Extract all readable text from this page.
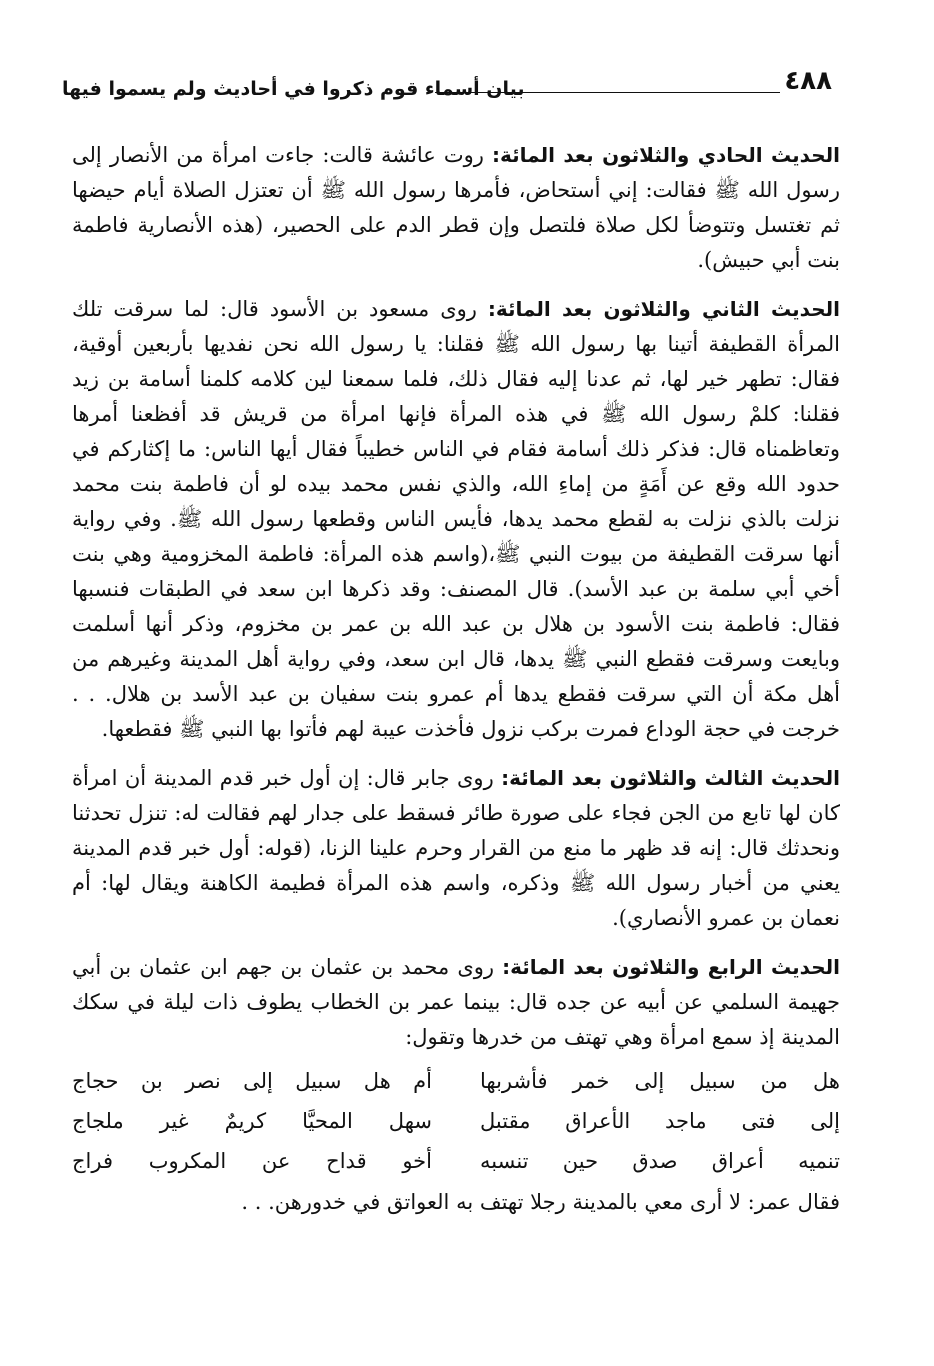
٤٨٨
بيان أسماء قوم ذكروا في أحاديث ولم يسموا فيها

الحديث الحادي والثلاثون بعد المائة: روت عائشة قالت: جاءت امرأة من الأنصار إلى رسول الله ﷺ فقالت: إني أستحاض، فأمرها رسول الله ﷺ أن تعتزل الصلاة أيام حيضها ثم تغتسل وتتوضأ لكل صلاة فلتصل وإن قطر الدم على الحصير، (هذه الأنصارية فاطمة بنت أبي حبيش).

الحديث الثاني والثلاثون بعد المائة: روى مسعود بن الأسود قال: لما سرقت تلك المرأة القطيفة أتينا بها رسول الله ﷺ فقلنا: يا رسول الله نحن نفديها بأربعين أوقية، فقال: تطهر خير لها، ثم عدنا إليه فقال ذلك، فلما سمعنا لين كلامه كلمنا أسامة بن زيد فقلنا: كلمْ رسول الله ﷺ في هذه المرأة فإنها امرأة من قريش قد أفظعنا أمرها وتعاظمناه قال: فذكر ذلك أسامة فقام في الناس خطيباً فقال أيها الناس: ما إكثاركم في حدود الله وقع عن أَمَةٍ من إماءِ الله، والذي نفس محمد بيده لو أن فاطمة بنت محمد نزلت بالذي نزلت به لقطع محمد يدها، فأيس الناس وقطعها رسول الله ﷺ. وفي رواية أنها سرقت القطيفة من بيوت النبي ﷺ،(واسم هذه المرأة: فاطمة المخزومية وهي بنت أخي أبي سلمة بن عبد الأسد). قال المصنف: وقد ذكرها ابن سعد في الطبقات فنسبها فقال: فاطمة بنت الأسود بن هلال بن عبد الله بن عمر بن مخزوم، وذكر أنها أسلمت وبايعت وسرقت فقطع النبي ﷺ يدها، قال ابن سعد، وفي رواية أهل المدينة وغيرهم من أهل مكة أن التي سرقت فقطع يدها أم عمرو بنت سفيان بن عبد الأسد بن هلال. . . خرجت في حجة الوداع فمرت بركب نزول فأخذت عيبة لهم فأتوا بها النبي ﷺ فقطعها.

الحديث الثالث والثلاثون بعد المائة: روى جابر قال: إن أول خبر قدم المدينة أن امرأة كان لها تابع من الجن فجاء على صورة طائر فسقط على جدار لهم فقالت له: تنزل تحدثنا ونحدثك قال: إنه قد ظهر ما منع من القرار وحرم علينا الزنا، (قوله: أول خبر قدم المدينة يعني من أخبار رسول الله ﷺ وذكره، واسم هذه المرأة فطيمة الكاهنة ويقال لها: أم نعمان بن عمرو الأنصاري).

الحديث الرابع والثلاثون بعد المائة: روى محمد بن عثمان بن جهم ابن عثمان بن أبي جهيمة السلمي عن أبيه عن جده قال: بينما عمر بن الخطاب يطوف ذات ليلة في سكك المدينة إذ سمع امرأة وهي تهتف من خدرها وتقول:

هل من سبيل إلى خمر فأشربها
أم هل سبيل إلى نصر بن حجاج
إلى فتى ماجد الأعراق مقتبل
سهل المحيَّا كريمٌ غير ملجاج
تنميه أعراق صدق حين تنسبه
أخو قداح عن المكروب فراج
فقال عمر: لا أرى معي بالمدينة رجلا تهتف به العواتق في خدورهن. . .
